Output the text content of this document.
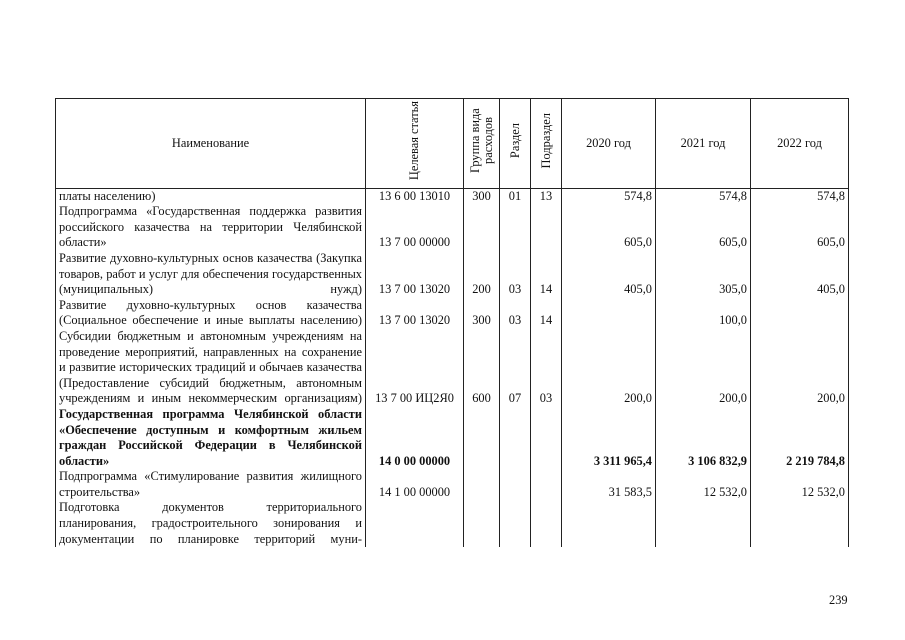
Наименование	Целевая статья	Группа вида расходов	Раздел	Подраздел	2020 год	2021 год	2022 год
платы населению)	13 6 00 13010	300	01	13	574,8	574,8	574,8
Подпрограмма «Государственная поддержка развития российского казачества на территории Челябинской области»	13 7 00 00000				605,0	605,0	605,0
Развитие духовно-культурных основ казачества (Закупка товаров, работ и услуг для обеспечения государственных (муниципальных) нужд)	13 7 00 13020	200	03	14	405,0	305,0	405,0
Развитие духовно-культурных основ казачества (Социальное обеспечение и иные выплаты населению)	13 7 00 13020	300	03	14		100,0	
Субсидии бюджетным и автономным учреждениям на проведение мероприятий, направленных на сохранение и развитие исторических традиций и обычаев казачества (Предоставление субсидий бюджетным, автономным учреждениям и иным некоммерческим организациям)	13 7 00 ИЦ2Я0	600	07	03	200,0	200,0	200,0
Государственная программа Челябинской области «Обеспечение доступным и комфортным жильем граждан Российской Федерации в Челябинской области»	14 0 00 00000				3 311 965,4	3 106 832,9	2 219 784,8
Подпрограмма «Стимулирование развития жилищного строительства»	14 1 00 00000				31 583,5	12 532,0	12 532,0
Подготовка документов территориального планирования, градостроительного зонирования и документации по планировке территорий муни-							
239
